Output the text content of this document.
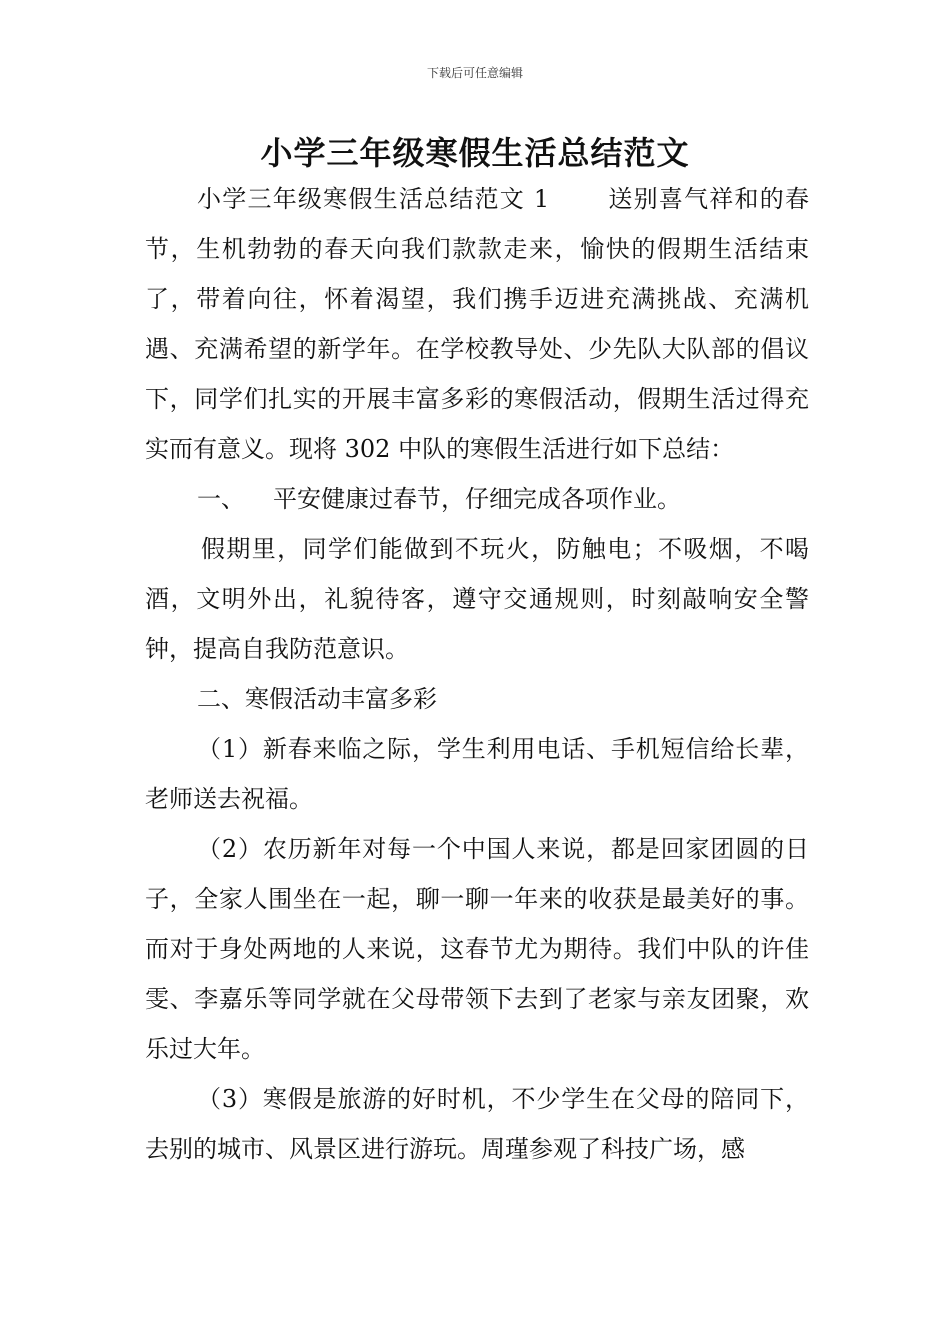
下载后可任意编辑
小学三年级寒假生活总结范文

小学三年级寒假生活总结范文 1 送别喜气祥和的春节，生机勃勃的春天向我们款款走来，愉快的假期生活结束了，带着向往，怀着渴望，我们携手迈进充满挑战、充满机遇、充满希望的新学年。在学校教导处、少先队大队部的倡议下，同学们扎实的开展丰富多彩的寒假活动，假期生活过得充实而有意义。现将 302 中队的寒假生活进行如下总结：

一、 平安健康过春节，仔细完成各项作业。

假期里，同学们能做到不玩火，防触电；不吸烟，不喝酒，文明外出，礼貌待客，遵守交通规则，时刻敲响安全警钟，提高自我防范意识。

二、寒假活动丰富多彩

（1）新春来临之际，学生利用电话、手机短信给长辈，老师送去祝福。

（2）农历新年对每一个中国人来说，都是回家团圆的日子，全家人围坐在一起，聊一聊一年来的收获是最美好的事。而对于身处两地的人来说，这春节尤为期待。我们中队的许佳雯、李嘉乐等同学就在父母带领下去到了老家与亲友团聚，欢乐过大年。

（3）寒假是旅游的好时机，不少学生在父母的陪同下，去别的城市、风景区进行游玩。周瑾参观了科技广场，感
